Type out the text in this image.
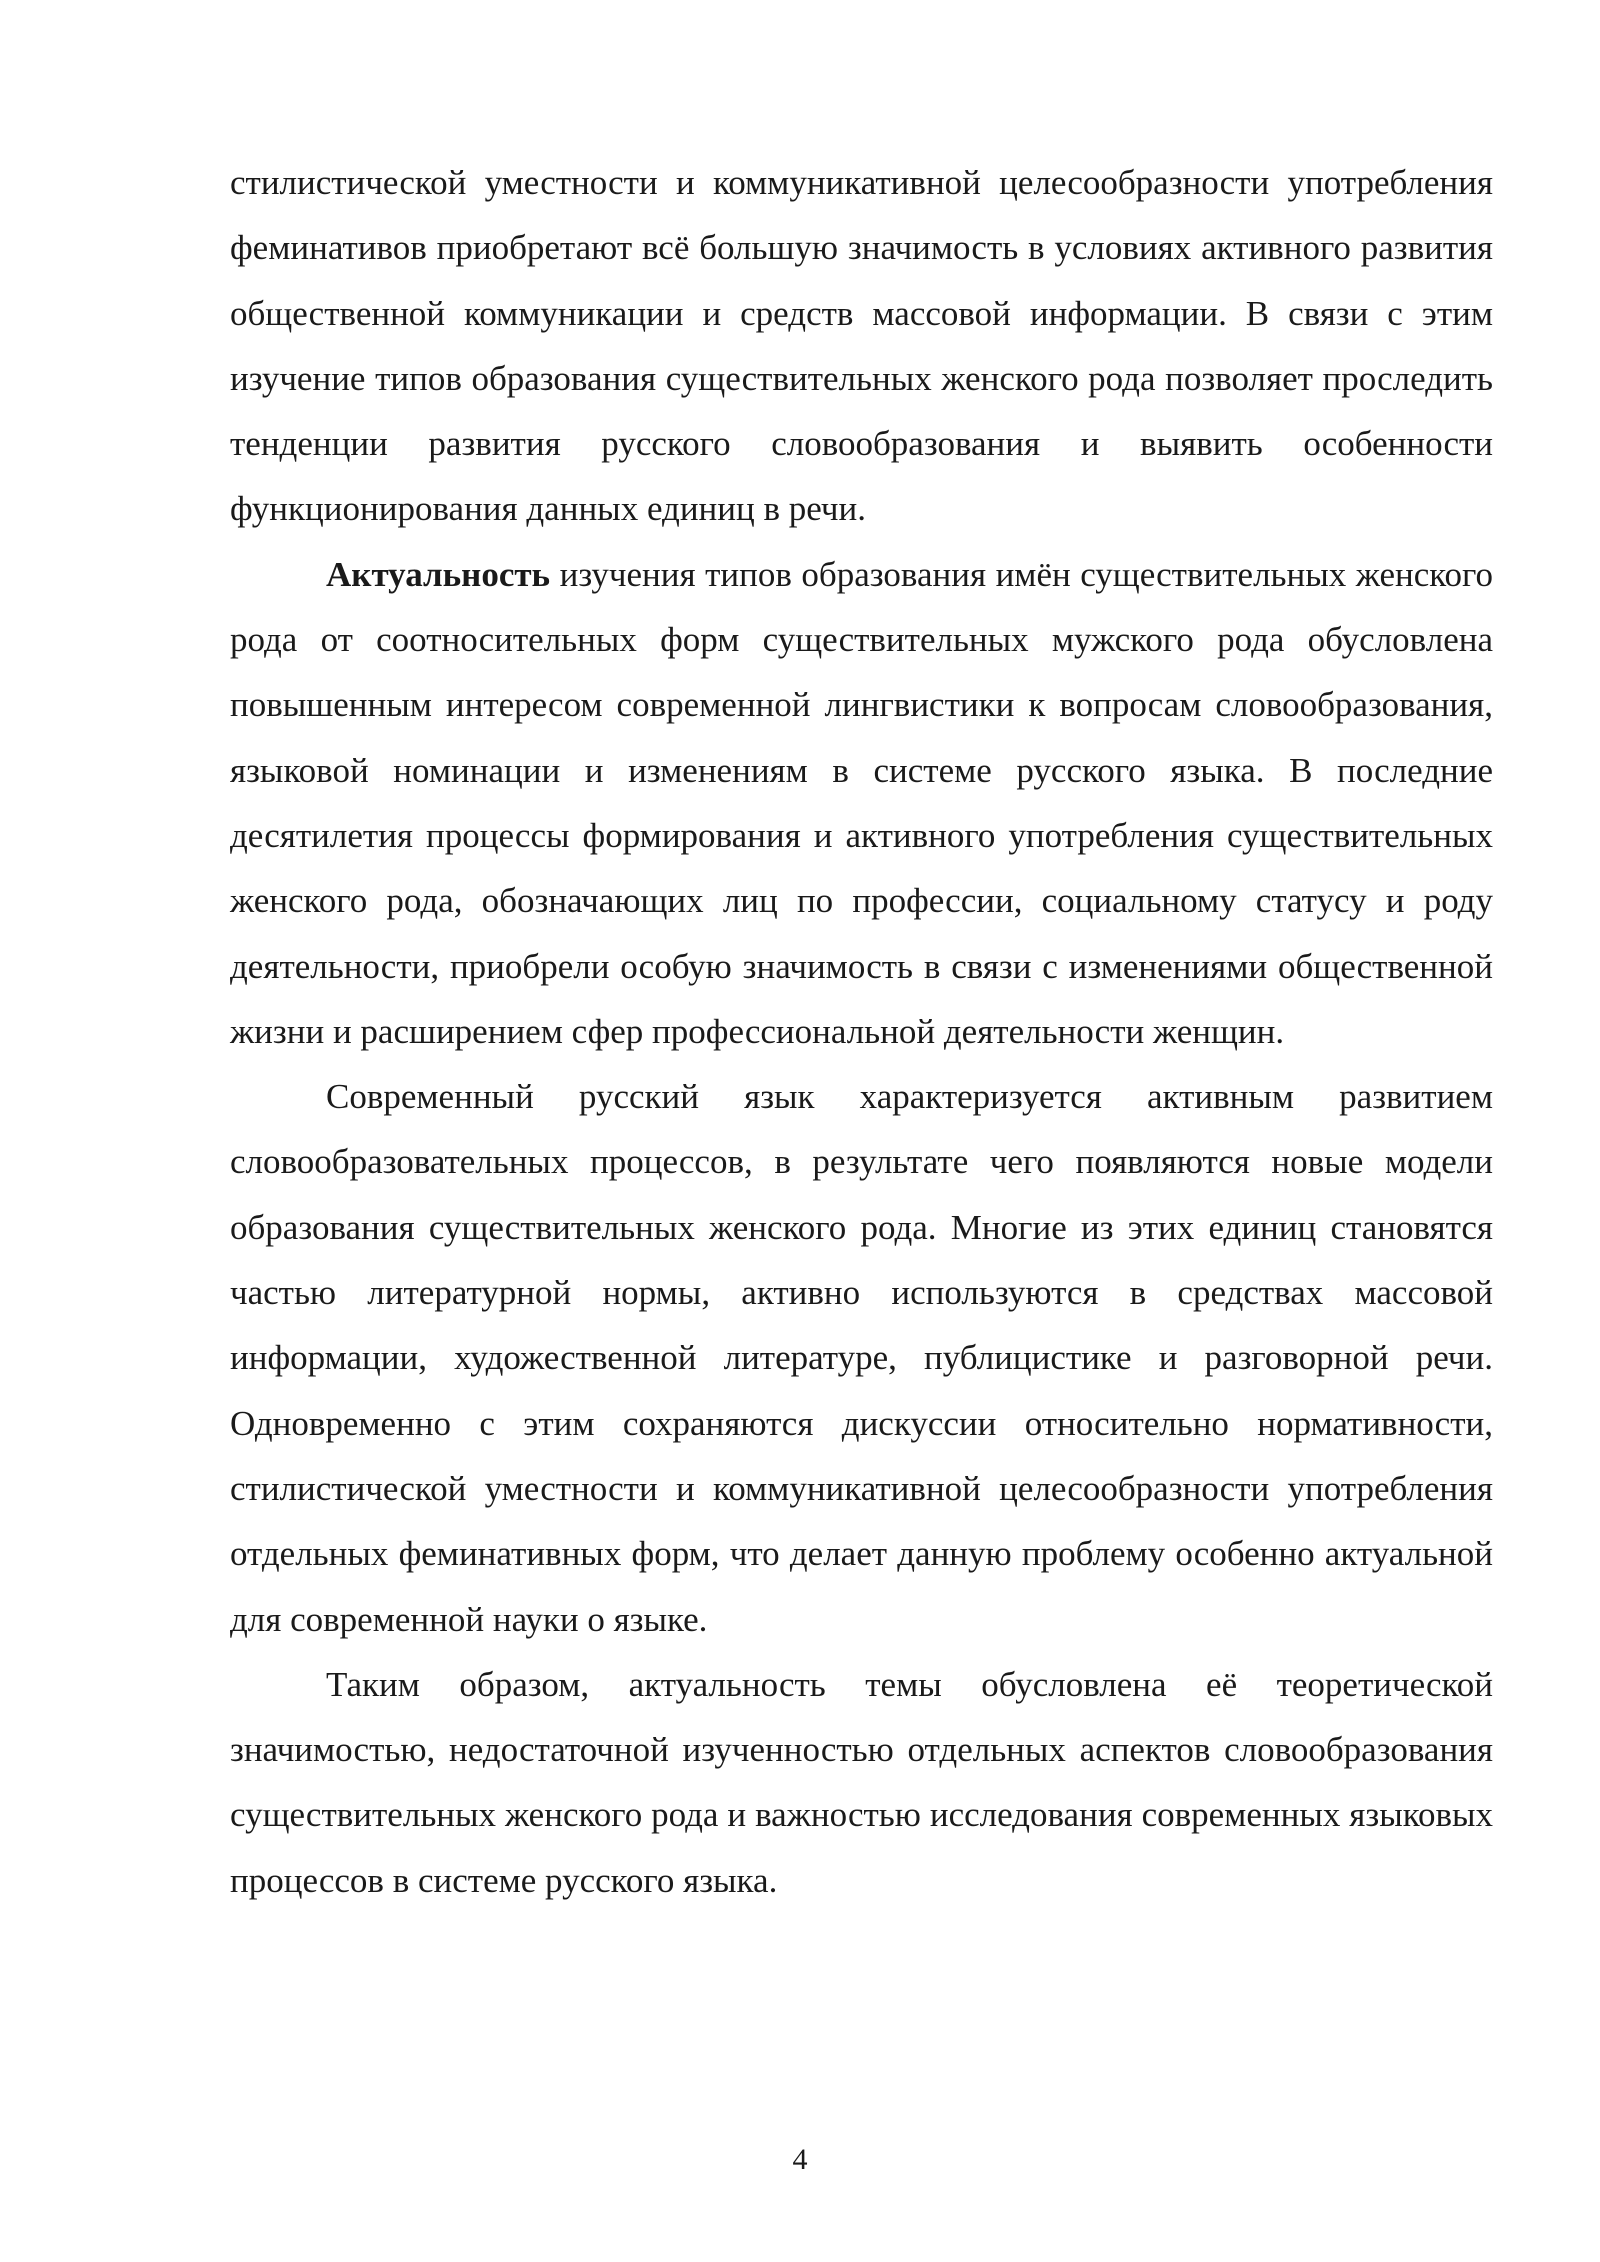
стилистической уместности и коммуникативной целесообразности употребления феминативов приобретают всё большую значимость в условиях активного развития общественной коммуникации и средств массовой информации. В связи с этим изучение типов образования существительных женского рода позволяет проследить тенденции развития русского словообразования и выявить особенности функционирования данных единиц в речи.

Актуальность изучения типов образования имён существительных женского рода от соотносительных форм существительных мужского рода обусловлена повышенным интересом современной лингвистики к вопросам словообразования, языковой номинации и изменениям в системе русского языка. В последние десятилетия процессы формирования и активного употребления существительных женского рода, обозначающих лиц по профессии, социальному статусу и роду деятельности, приобрели особую значимость в связи с изменениями общественной жизни и расширением сфер профессиональной деятельности женщин.

Современный русский язык характеризуется активным развитием словообразовательных процессов, в результате чего появляются новые модели образования существительных женского рода. Многие из этих единиц становятся частью литературной нормы, активно используются в средствах массовой информации, художественной литературе, публицистике и разговорной речи. Одновременно с этим сохраняются дискуссии относительно нормативности, стилистической уместности и коммуникативной целесообразности употребления отдельных феминативных форм, что делает данную проблему особенно актуальной для современной науки о языке.

Таким образом, актуальность темы обусловлена её теоретической значимостью, недостаточной изученностью отдельных аспектов словообразования существительных женского рода и важностью исследования современных языковых процессов в системе русского языка.

4
